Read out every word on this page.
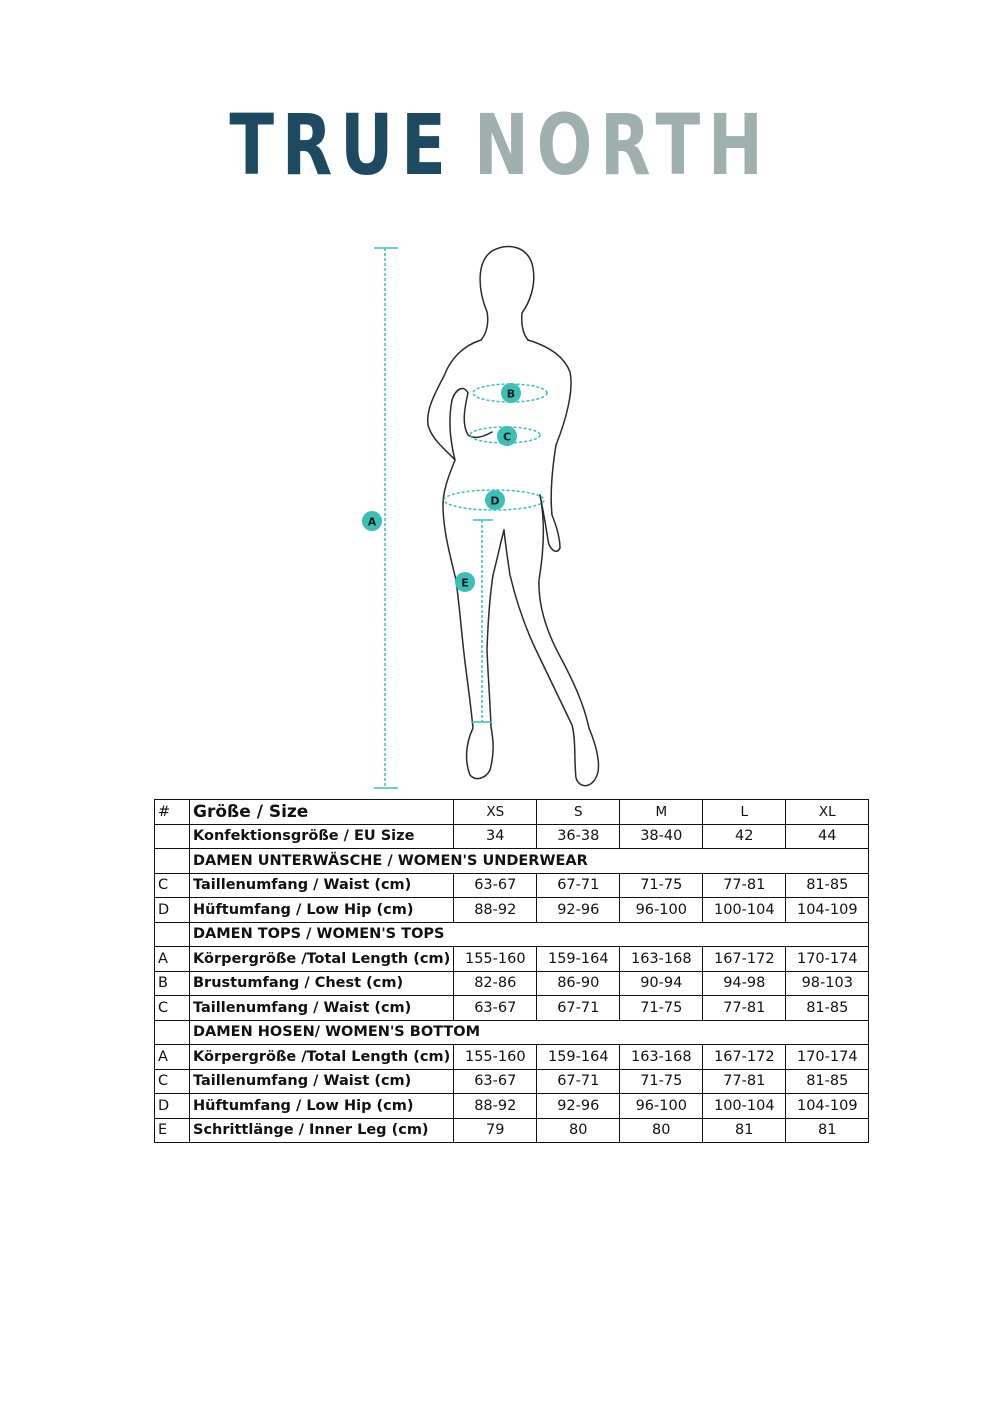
TRUE NORTH
A
B
C
D
E
#	Größe / Size	XS	S	M	L	XL
	Konfektionsgröße / EU Size	34	36-38	38-40	42	44
	DAMEN UNTERWÄSCHE / WOMEN'S UNDERWEAR					
C	Taillenumfang / Waist (cm)	63-67	67-71	71-75	77-81	81-85
D	Hüftumfang / Low Hip (cm)	88-92	92-96	96-100	100-104	104-109
	DAMEN TOPS / WOMEN'S TOPS					
A	Körpergröße /Total Length (cm)	155-160	159-164	163-168	167-172	170-174
B	Brustumfang / Chest (cm)	82-86	86-90	90-94	94-98	98-103
C	Taillenumfang / Waist (cm)	63-67	67-71	71-75	77-81	81-85
	DAMEN HOSEN/ WOMEN'S BOTTOM					
A	Körpergröße /Total Length (cm)	155-160	159-164	163-168	167-172	170-174
C	Taillenumfang / Waist (cm)	63-67	67-71	71-75	77-81	81-85
D	Hüftumfang / Low Hip (cm)	88-92	92-96	96-100	100-104	104-109
E	Schrittlänge / Inner Leg (cm)	79	80	80	81	81
